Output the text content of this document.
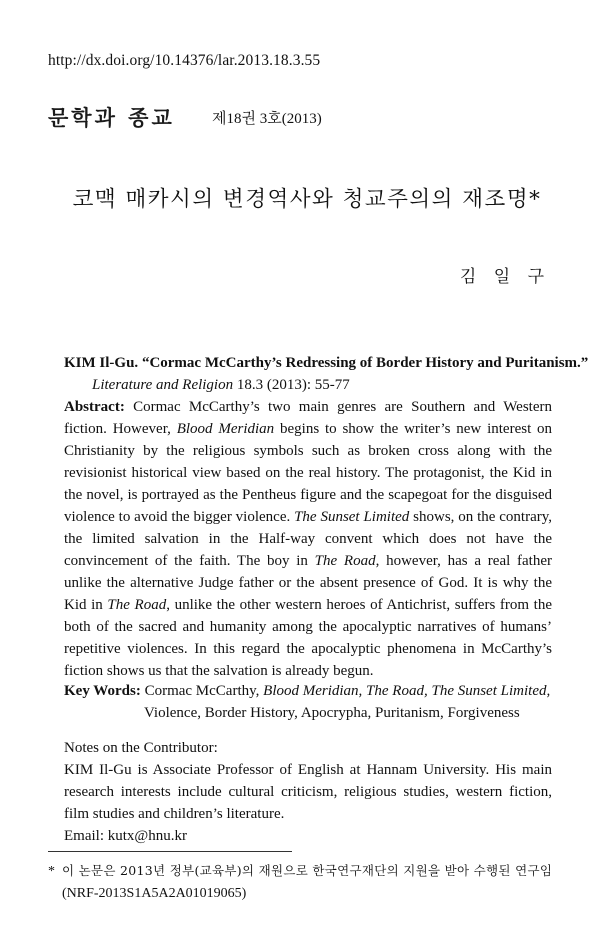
http://dx.doi.org/10.14376/lar.2013.18.3.55
문학과 종교 제18권 3호(2013)
코맥 매카시의 변경역사와 청교주의의 재조명*
김 일 구
KIM Il-Gu. “Cormac McCarthy’s Redressing of Border History and Puritanism.”
Literature and Religion 18.3 (2013): 55-77
Abstract: Cormac McCarthy’s two main genres are Southern and Western fiction. However, Blood Meridian begins to show the writer’s new interest on Christianity by the religious symbols such as broken cross along with the revisionist historical view based on the real history. The protagonist, the Kid in the novel, is portrayed as the Pentheus figure and the scapegoat for the disguised violence to avoid the bigger violence. The Sunset Limited shows, on the contrary, the limited salvation in the Half-way convent which does not have the convincement of the faith. The boy in The Road, however, has a real father unlike the alternative Judge father or the absent presence of God. It is why the Kid in The Road, unlike the other western heroes of Antichrist, suffers from the both of the sacred and humanity among the apocalyptic narratives of humans’ repetitive violences. In this regard the apocalyptic phenomena in McCarthy’s fiction shows us that the salvation is already begun.
Key Words: Cormac McCarthy, Blood Meridian, The Road, The Sunset Limited,
Violence, Border History, Apocrypha, Puritanism, Forgiveness
Notes on the Contributor:
KIM Il-Gu is Associate Professor of English at Hannam University. His main research interests include cultural criticism, religious studies, western fiction, film studies and children’s literature.
Email: kutx@hnu.kr
* 이 논문은 2013년 정부(교육부)의 재원으로 한국연구재단의 지원을 받아 수행된 연구임
(NRF-2013S1A5A2A01019065)
